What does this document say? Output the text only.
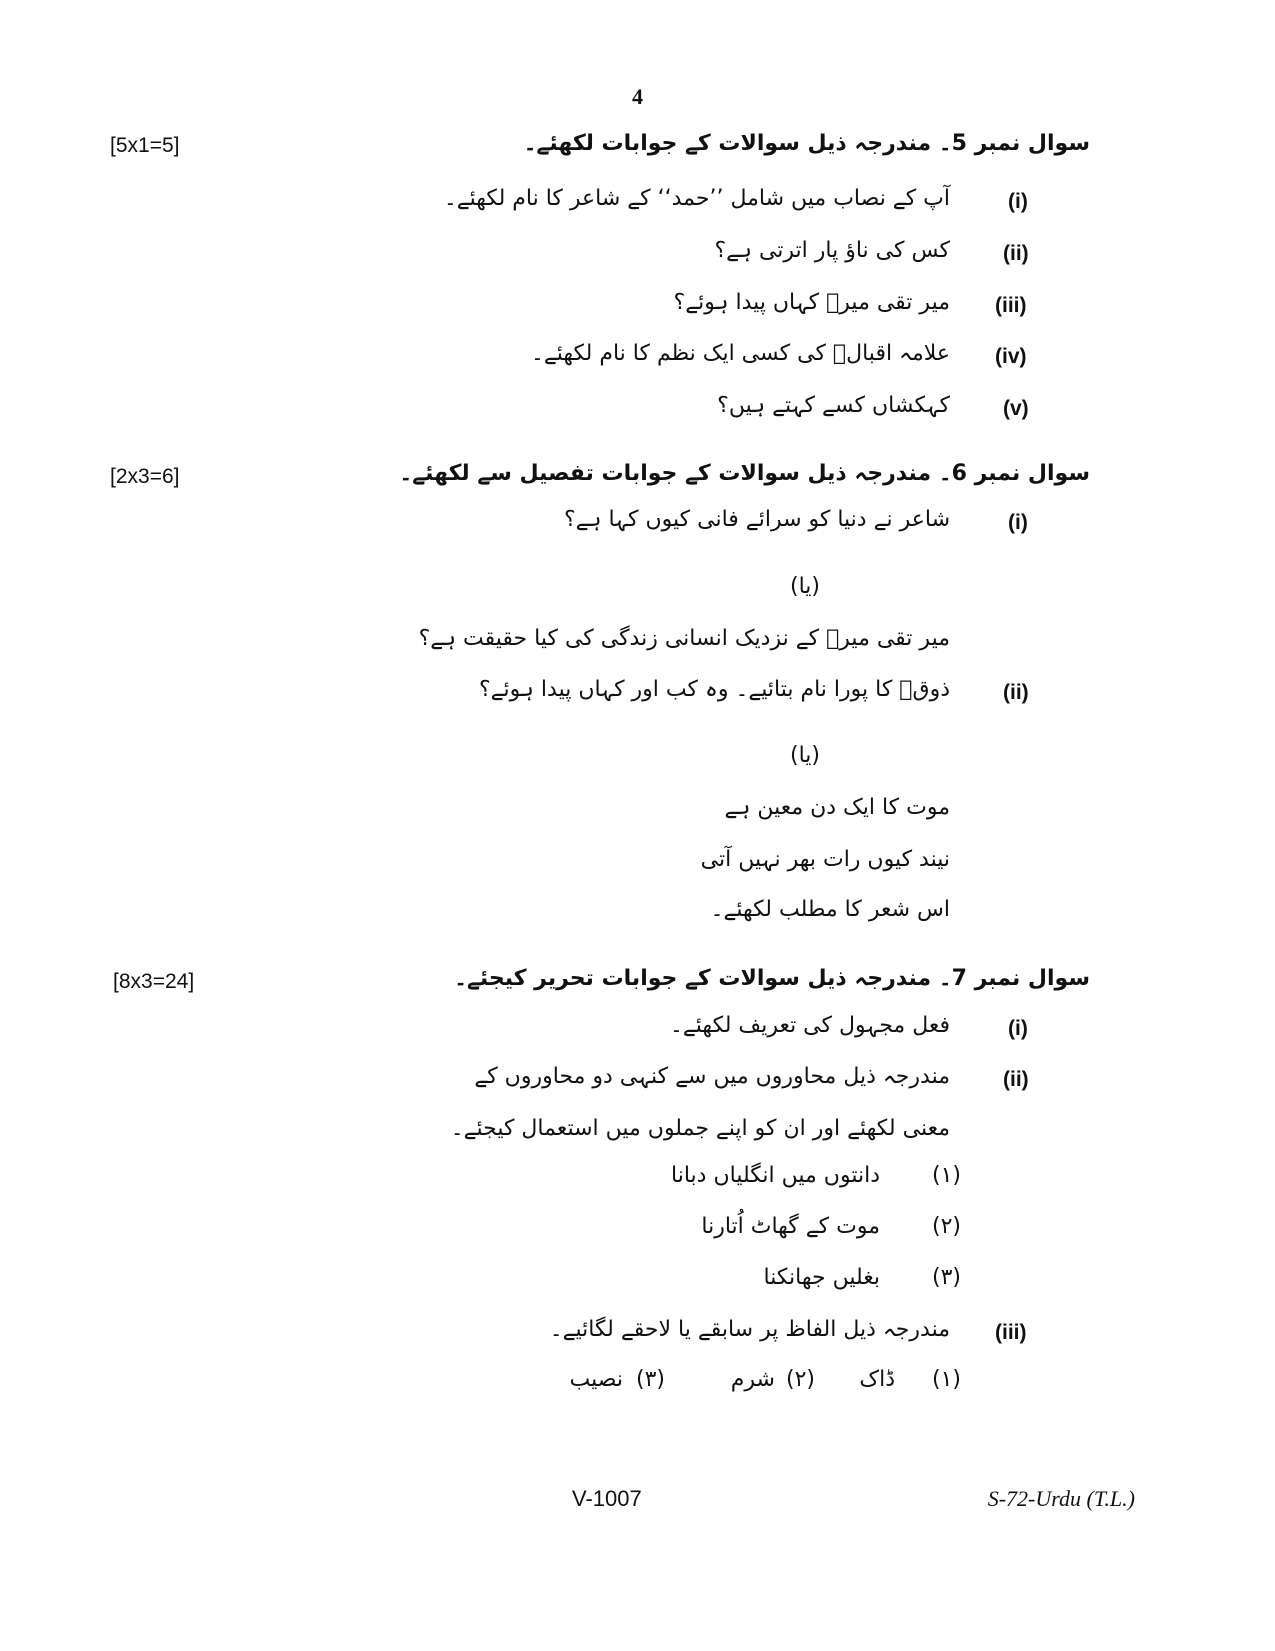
4
[5x1=5]	سوال نمبر 5۔ مندرجہ ذیل سوالات کے جوابات لکھئے۔
(i)
آپ کے نصاب میں شامل ’’حمد‘‘ کے شاعر کا نام لکھئے۔
(ii)
کس کی ناؤ پار اترتی ہے؟
(iii)
میر تقی میرؔ کہاں پیدا ہوئے؟
(iv)
علامہ اقبالؔ کی کسی ایک نظم کا نام لکھئے۔
(v)
کہکشاں کسے کہتے ہیں؟
[2x3=6]	سوال نمبر 6۔ مندرجہ ذیل سوالات کے جوابات تفصیل سے لکھئے۔
(i)
شاعر نے دنیا کو سرائے فانی کیوں کہا ہے؟
(یا)
میر تقی میرؔ کے نزدیک انسانی زندگی کی کیا حقیقت ہے؟
(ii)
ذوقؔ کا پورا نام بتائیے۔ وہ کب اور کہاں پیدا ہوئے؟
(یا)
موت کا ایک دن معین ہے
نیند کیوں رات بھر نہیں آتی
اس شعر کا مطلب لکھئے۔
[8x3=24]	سوال نمبر 7۔ مندرجہ ذیل سوالات کے جوابات تحریر کیجئے۔
(i)
فعل مجہول کی تعریف لکھئے۔
(ii)
مندرجہ ذیل محاوروں میں سے کنہی دو محاوروں کے
معنی لکھئے اور ان کو اپنے جملوں میں استعمال کیجئے۔
(۱)
دانتوں میں انگلیاں دبانا
(۲)
موت کے گھاٹ اُتارنا
(۳)
بغلیں جھانکنا
(iii)
مندرجہ ذیل الفاظ پر سابقے یا لاحقے لگائیے۔
(۱)
ڈاک
(۲)
شرم
(۳)
نصیب
V-1007	S-72-Urdu (T.L.)
